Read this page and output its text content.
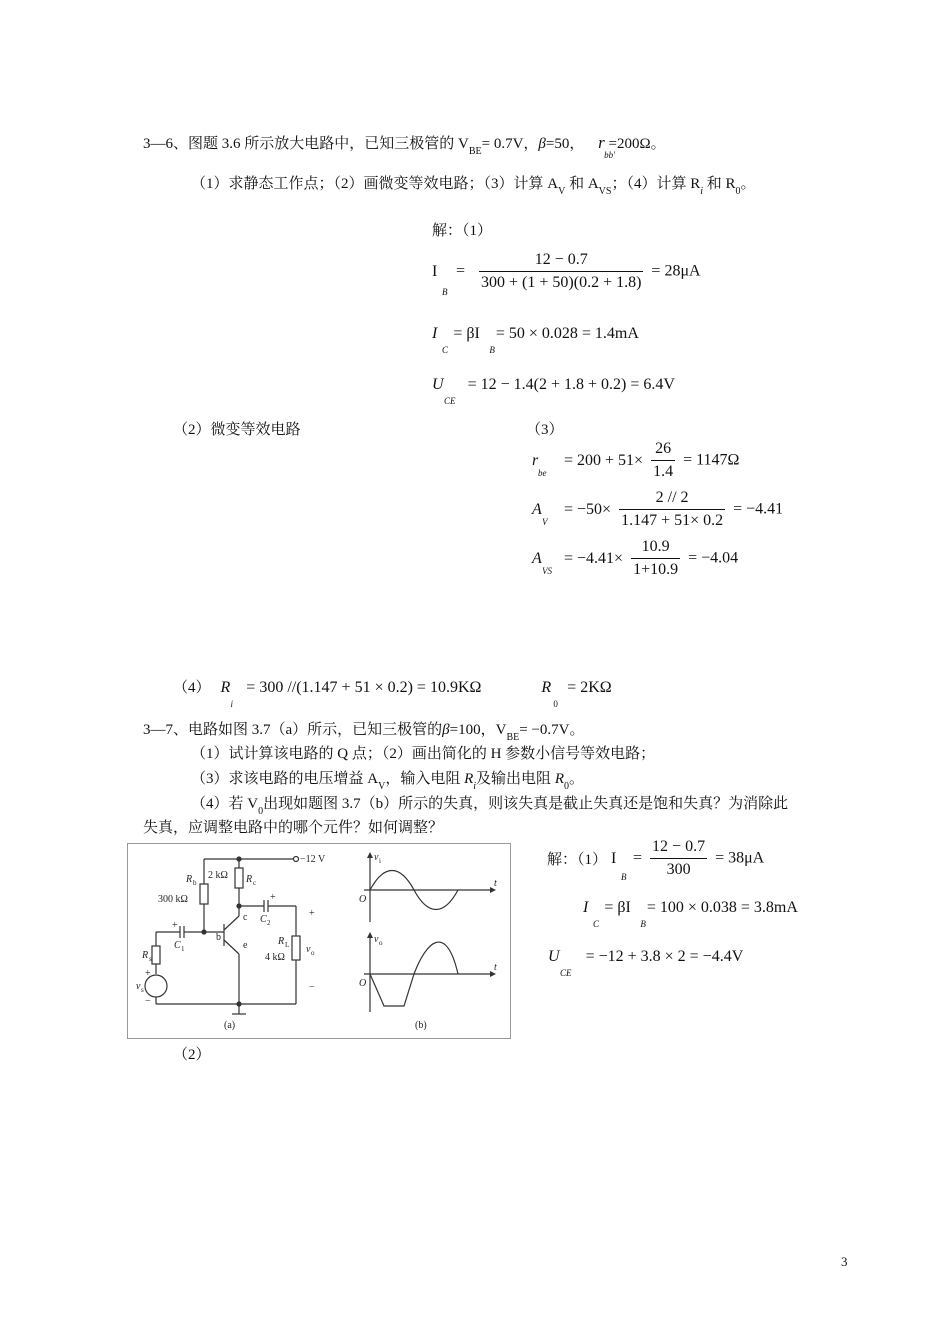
3—6、图题 3.6 所示放大电路中，已知三极管的 $V_{BE}= 0.7V$，β=50， r
bb'
=200Ω。
（1）求静态工作点；（2）画微变等效电路；（3）计算 $A_V$ 和 $A_{VS}$；（4）计算 $R_i$ 和 $R_0$。
解：（1）
I
B
= $\frac{12 - 0.7}{300 + (1 + 50)(0.2 + 1.8)} = 28\mu A$
I
C
= βI
B
= 50 × 0.028 = 1.4mA
U
CE
= 12 − 1.4(2 + 1.8 + 0.2) = 6.4V
（2）微变等效电路	（3）
r
be
= $200 + 51\times \frac{26}{1.4} = 1147\Omega$
A
V
= $-50\times \frac{2 // 2}{1.147 + 51\times 0.2} = -4.41$
A
VS
= $-4.41\times \frac{10.9}{1+10.9} = -4.04$
（4） R
i
= 300 //(1.147 + 51 × 0.2) = 10.9KΩ	R
0
= 2KΩ
3—7、电路如图 3.7（a）所示，已知三极管的β=100，$V_{BE}= -0.7V$。
（1）试计算该电路的 Q 点；（2）画出简化的 H 参数小信号等效电路；
（3）求该电路的电压增益 $A_V$，输入电阻 $R_i$及输出电阻 $R_0$。
（4）若 $V_0$出现如题图 3.7（b）所示的失真，则该失真是截止失真还是饱和失真？为消除此
失真，应调整电路中的哪个元件？如何调整？
−12 V
R b
300 kΩ
2 kΩ R c
C 2
+
C 1
+
R s
+
v s
−
b
c
e	R L
4 kΩ
v o
+
−
(a)	(b)
v i
t
O
v o
t
O
解：（1） I
B
= $\frac{12 - 0.7}{300} = 38\mu A$
I
C
= βI
B
= 100 × 0.038 = 3.8mA
U
CE
= −12 + 3.8 × 2 = −4.4V
（2）
3
